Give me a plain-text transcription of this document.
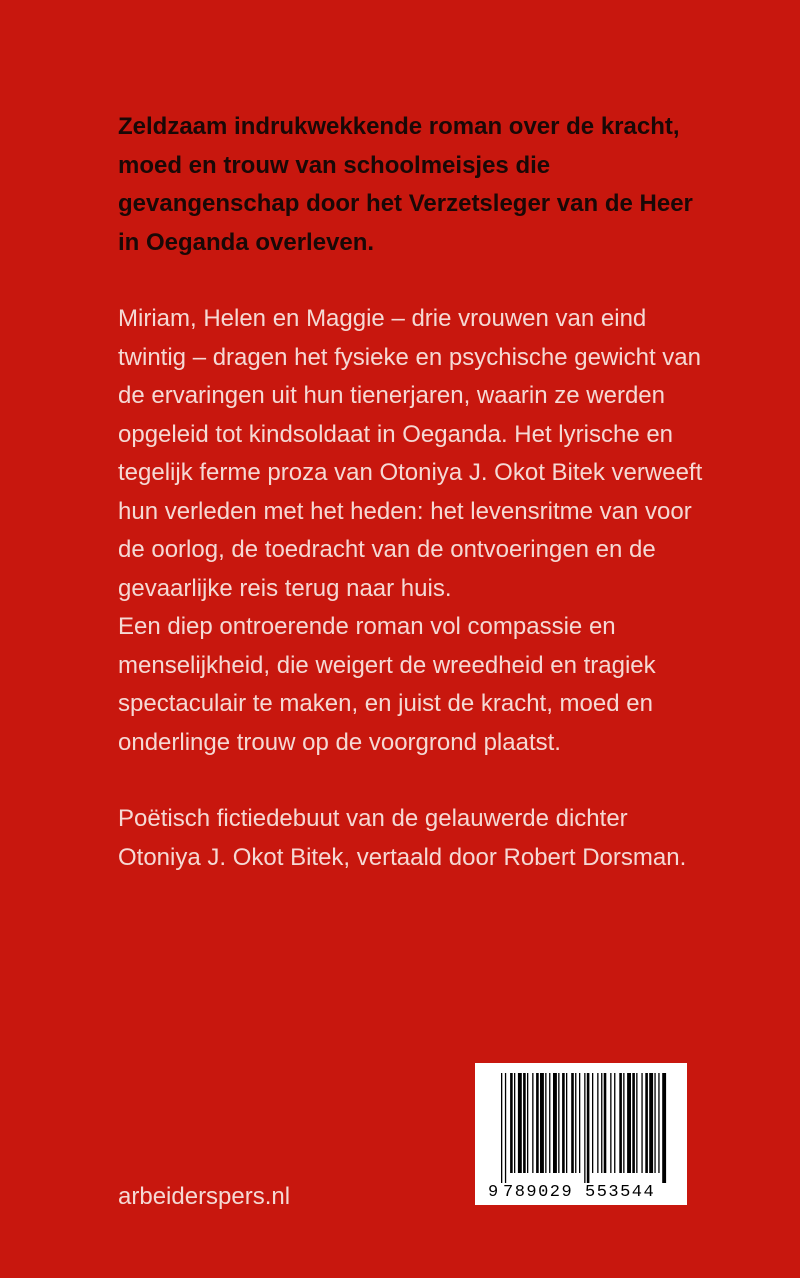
Zeldzaam indrukwekkende roman over de kracht, moed en trouw van schoolmeisjes die gevangenschap door het Verzetsleger van de Heer in Oeganda overleven.

Miriam, Helen en Maggie – drie vrouwen van eind twintig – dragen het fysieke en psychische gewicht van de ervaringen uit hun tienerjaren, waarin ze werden opgeleid tot kindsoldaat in Oeganda. Het lyrische en tegelijk ferme proza van Otoniya J. Okot Bitek verweeft hun verleden met het heden: het levensritme van voor de oorlog, de toedracht van de ontvoeringen en de gevaarlijke reis terug naar huis.

Een diep ontroerende roman vol compassie en menselijkheid, die weigert de wreedheid en tragiek spectaculair te maken, en juist de kracht, moed en onderlinge trouw op de voorgrond plaatst.

Poëtisch fictiedebuut van de gelauwerde dichter Otoniya J. Okot Bitek, vertaald door Robert Dorsman.

arbeiderspers.nl	9 789029 553544
